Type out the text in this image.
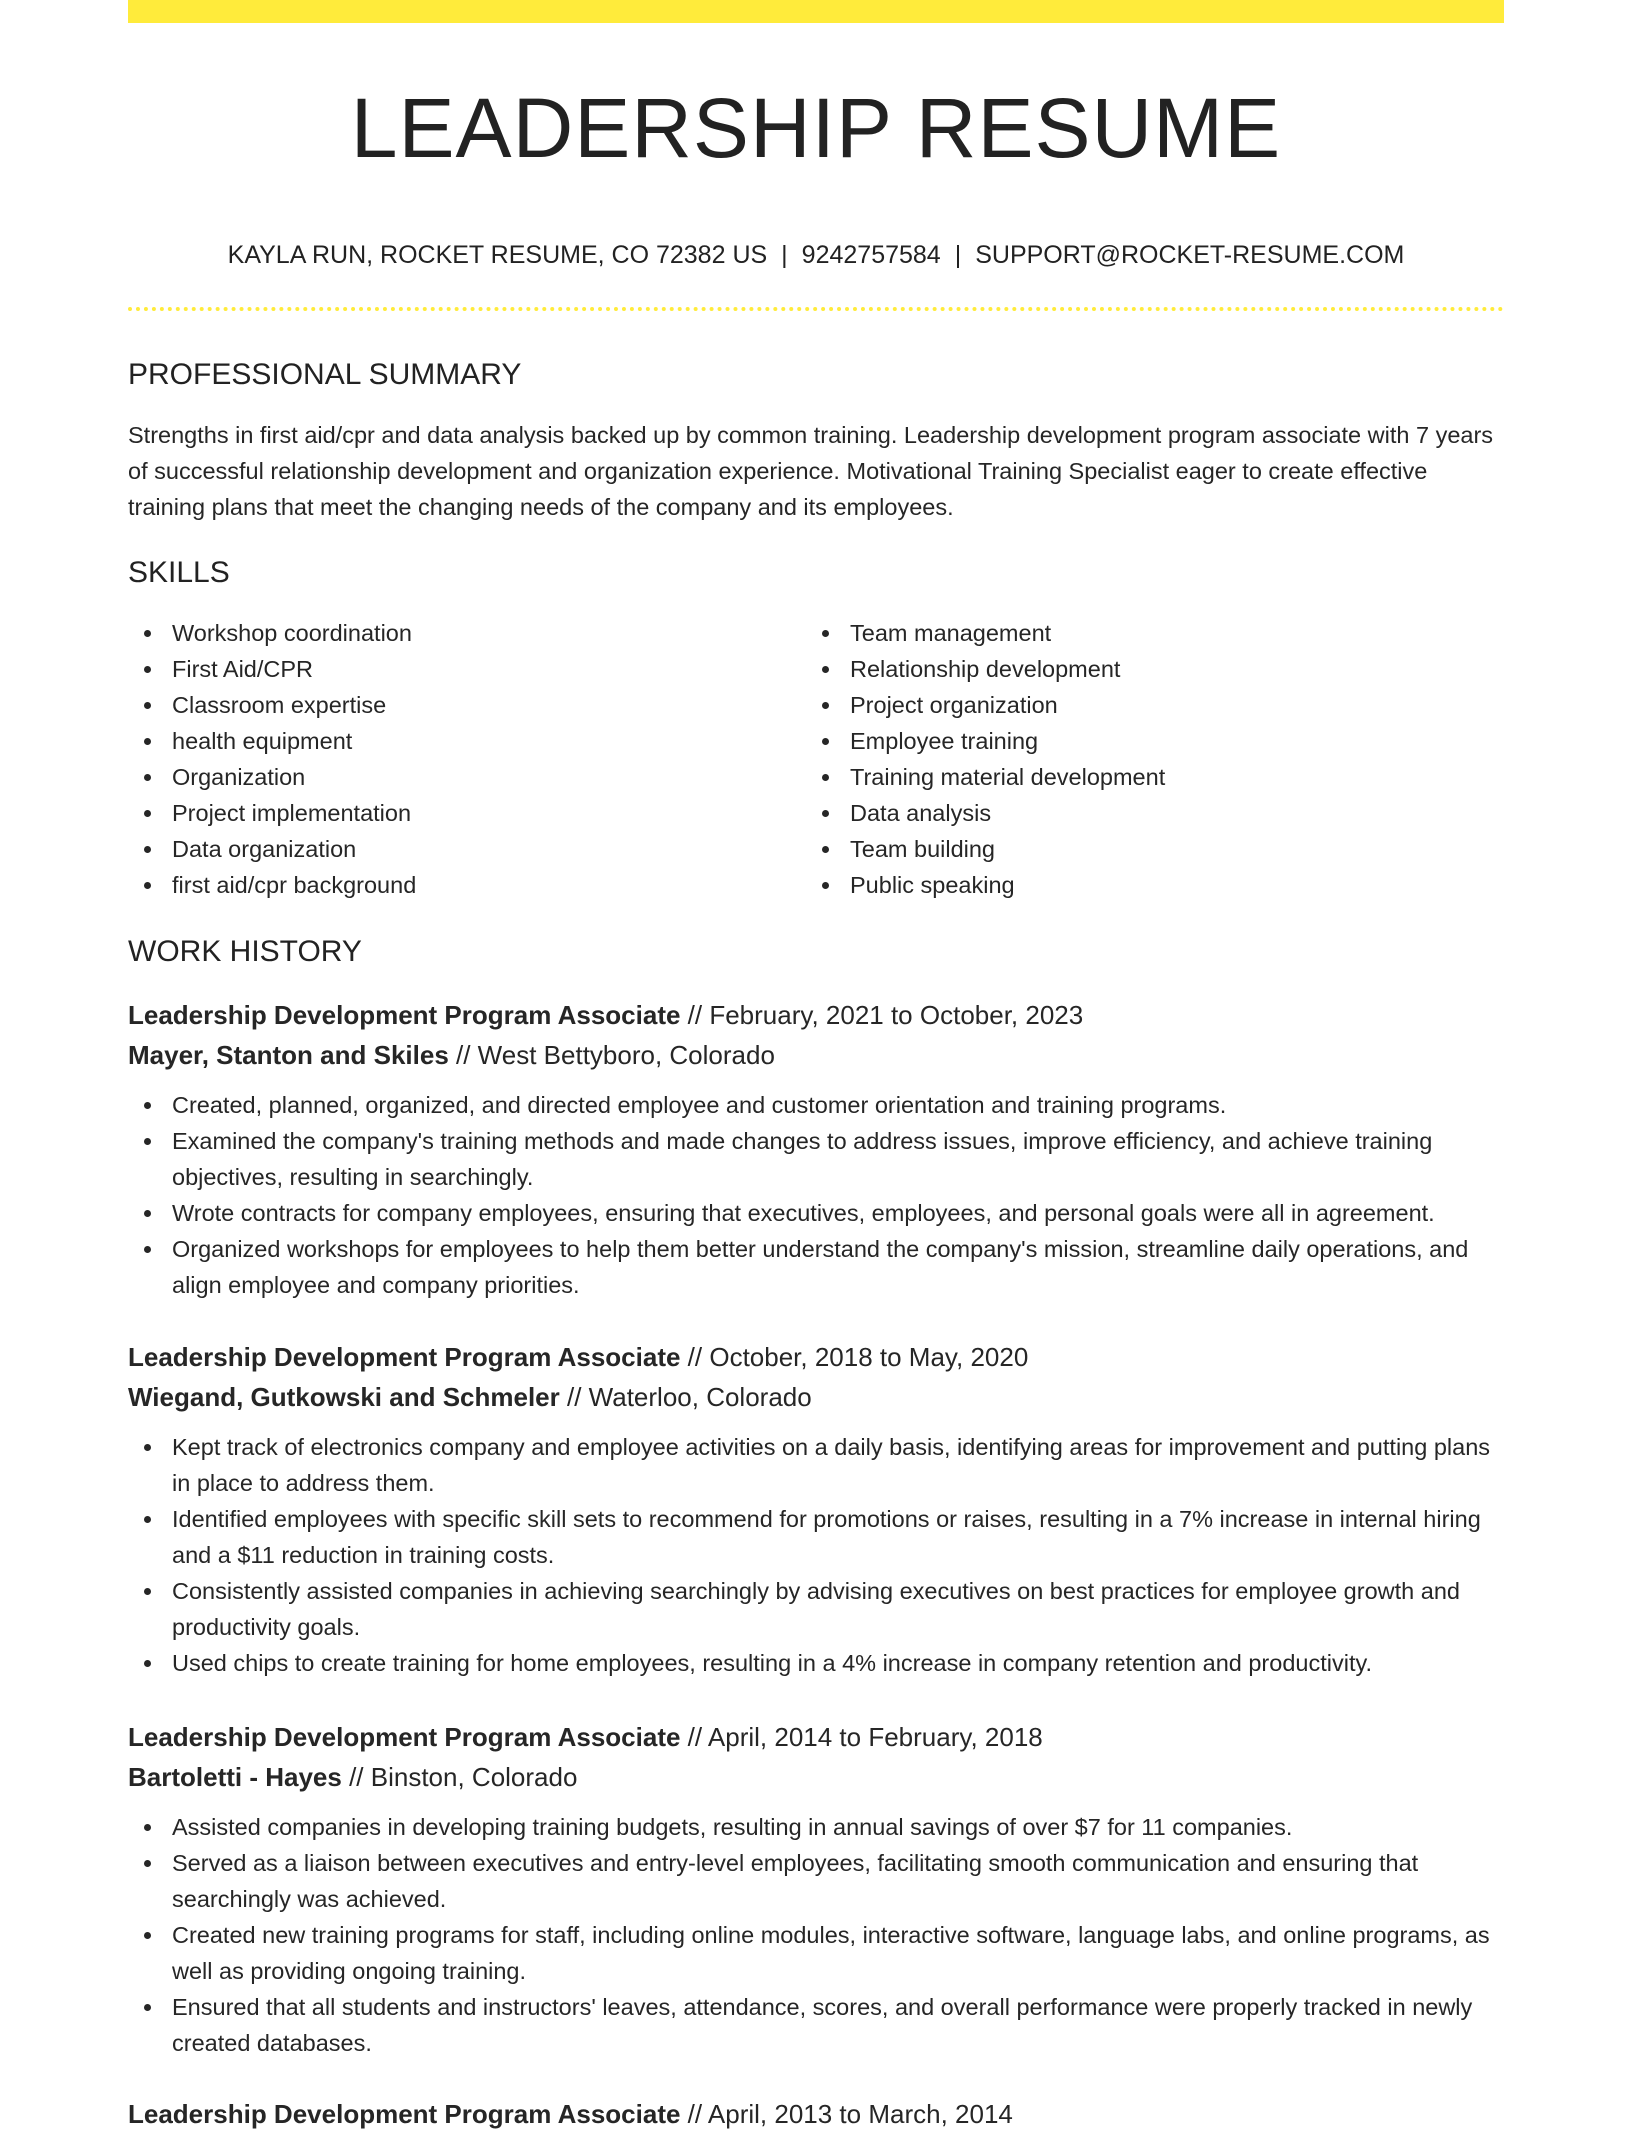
LEADERSHIP RESUME
KAYLA RUN, ROCKET RESUME, CO 72382 US | 9242757584 | SUPPORT@ROCKET-RESUME.COM
PROFESSIONAL SUMMARY

Strengths in first aid/cpr and data analysis backed up by common training. Leadership development program associate with 7 years of successful relationship development and organization experience. Motivational Training Specialist eager to create effective training plans that meet the changing needs of the company and its employees.

SKILLS
Workshop coordination
First Aid/CPR
Classroom expertise
health equipment
Organization
Project implementation
Data organization
first aid/cpr background
Team management
Relationship development
Project organization
Employee training
Training material development
Data analysis
Team building
Public speaking
WORK HISTORY
Leadership Development Program Associate // February, 2021 to October, 2023
Mayer, Stanton and Skiles // West Bettyboro, Colorado
Created, planned, organized, and directed employee and customer orientation and training programs.
Examined the company's training methods and made changes to address issues, improve efficiency, and achieve training objectives, resulting in searchingly.
Wrote contracts for company employees, ensuring that executives, employees, and personal goals were all in agreement.
Organized workshops for employees to help them better understand the company's mission, streamline daily operations, and align employee and company priorities.
Leadership Development Program Associate // October, 2018 to May, 2020
Wiegand, Gutkowski and Schmeler // Waterloo, Colorado
Kept track of electronics company and employee activities on a daily basis, identifying areas for improvement and putting plans in place to address them.
Identified employees with specific skill sets to recommend for promotions or raises, resulting in a 7% increase in internal hiring and a $11 reduction in training costs.
Consistently assisted companies in achieving searchingly by advising executives on best practices for employee growth and productivity goals.
Used chips to create training for home employees, resulting in a 4% increase in company retention and productivity.
Leadership Development Program Associate // April, 2014 to February, 2018
Bartoletti - Hayes // Binston, Colorado
Assisted companies in developing training budgets, resulting in annual savings of over $7 for 11 companies.
Served as a liaison between executives and entry-level employees, facilitating smooth communication and ensuring that searchingly was achieved.
Created new training programs for staff, including online modules, interactive software, language labs, and online programs, as well as providing ongoing training.
Ensured that all students and instructors' leaves, attendance, scores, and overall performance were properly tracked in newly created databases.
Leadership Development Program Associate // April, 2013 to March, 2014
